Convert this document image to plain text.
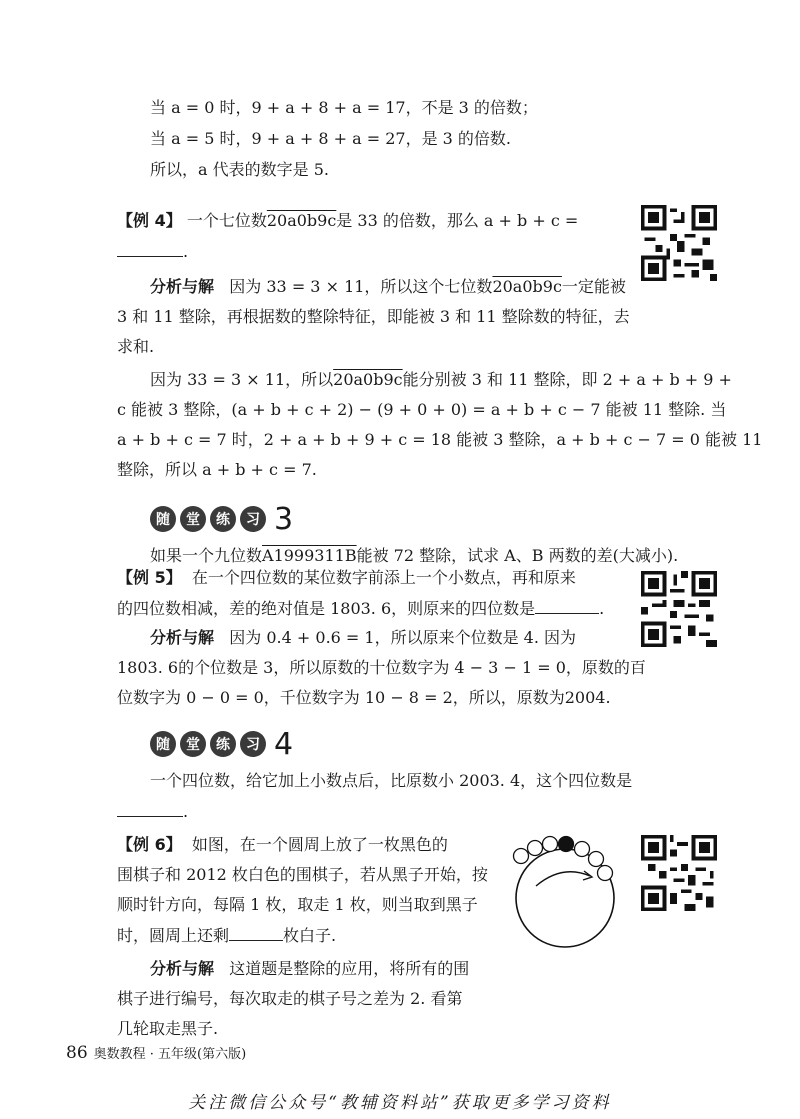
当 a = 0 时，9 + a + 8 + a = 17，不是 3 的倍数；
当 a = 5 时，9 + a + 8 + a = 27，是 3 的倍数.
所以，a 代表的数字是 5.
【例 4】 一个七位数20a0b9c是 33 的倍数，那么 a + b + c =
.
分析与解 因为 33 = 3 × 11，所以这个七位数20a0b9c一定能被
3 和 11 整除，再根据数的整除特征，即能被 3 和 11 整除数的特征，去
求和.
因为 33 = 3 × 11，所以20a0b9c能分别被 3 和 11 整除，即 2 + a + b + 9 +
c 能被 3 整除，(a + b + c + 2) − (9 + 0 + 0) = a + b + c − 7 能被 11 整除. 当
a + b + c = 7 时，2 + a + b + 9 + c = 18 能被 3 整除，a + b + c − 7 = 0 能被 11
整除，所以 a + b + c = 7.
随	堂	练	习 3
如果一个九位数A1999311B能被 72 整除，试求 A、B 两数的差(大减小).
【例 5】 在一个四位数的某位数字前添上一个小数点，再和原来
的四位数相减，差的绝对值是 1803. 6，则原来的四位数是	.
分析与解 因为 0.4 + 0.6 = 1，所以原来个位数是 4. 因为
1803. 6的个位数是 3，所以原数的十位数字为 4 − 3 − 1 = 0，原数的百
位数字为 0 − 0 = 0，千位数字为 10 − 8 = 2，所以，原数为2004.
随	堂	练	习 4
一个四位数，给它加上小数点后，比原数小 2003. 4，这个四位数是
.
【例 6】 如图，在一个圆周上放了一枚黑色的
围棋子和 2012 枚白色的围棋子，若从黑子开始，按
顺时针方向，每隔 1 枚，取走 1 枚，则当取到黑子
时，圆周上还剩	枚白子.
分析与解 这道题是整除的应用，将所有的围
棋子进行编号，每次取走的棋子号之差为 2. 看第
几轮取走黑子.
86 奥数教程 · 五年级(第六版)
关注微信公众号“教辅资料站”获取更多学习资料
